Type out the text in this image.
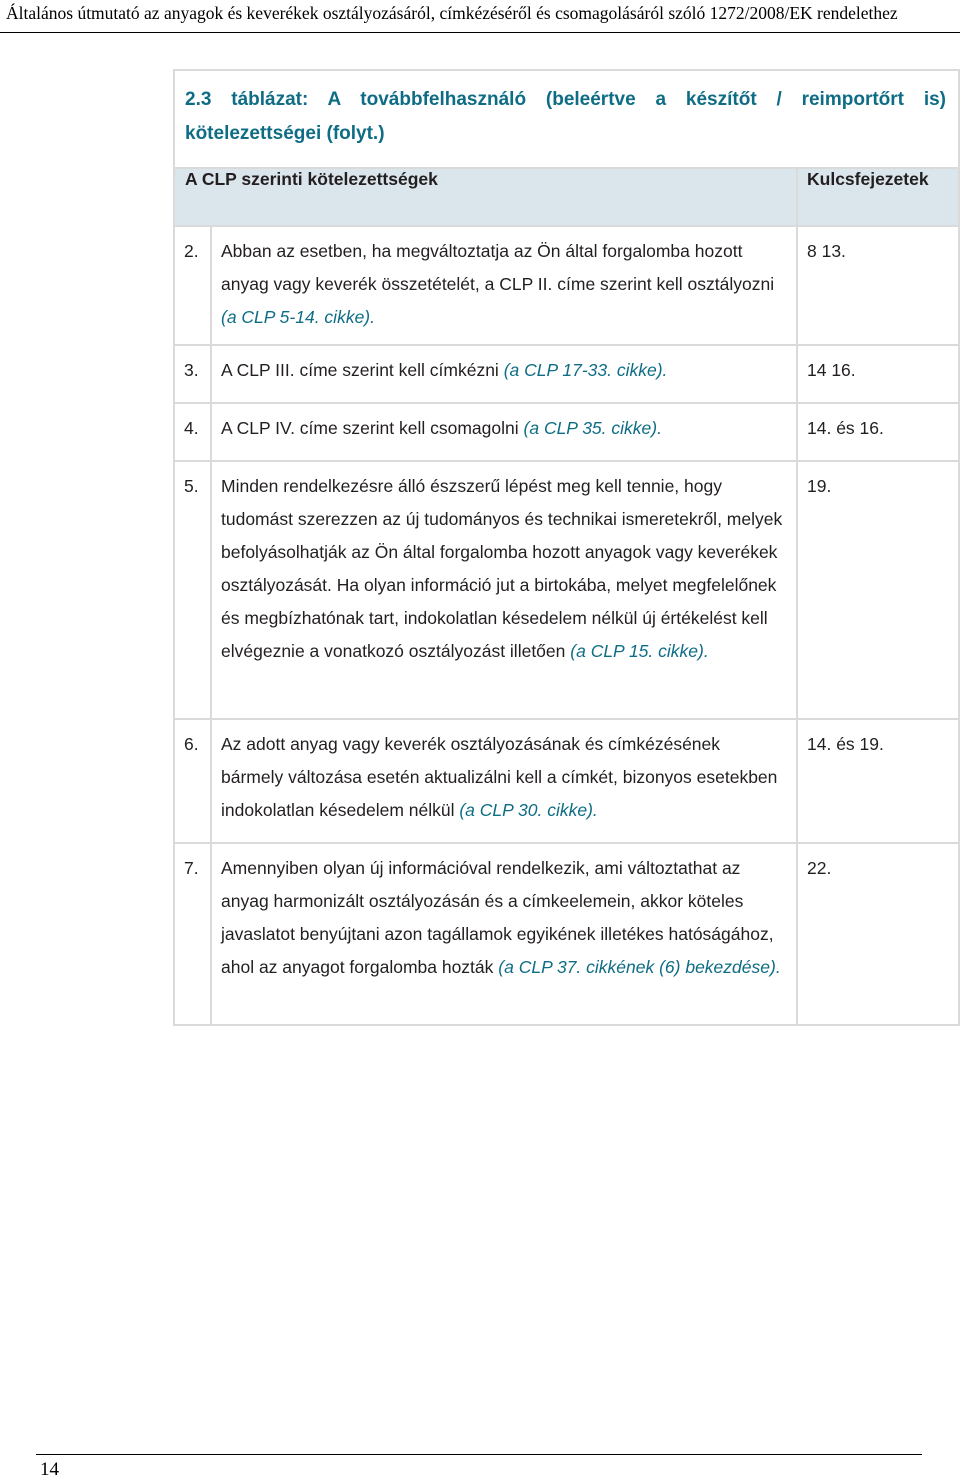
Általános útmutató az anyagok és keverékek osztályozásáról, címkézéséről és csomagolásáról szóló 1272/2008/EK rendelethez
2.3 táblázat: A továbbfelhasználó (beleértve a készítőt / reimportőrt is) kötelezettségei (folyt.)		

A CLP szerinti kötelezettségek		Kulcsfejezetek

2.	Abban az esetben, ha megváltoztatja az Ön által forgalomba hozott anyag vagy keverék összetételét, a CLP II. címe szerint kell osztályozni (a CLP 5-14. cikke).	8 13.

3.	A CLP III. címe szerint kell címkézni (a CLP 17-33. cikke).	14 16.

4.	A CLP IV. címe szerint kell csomagolni (a CLP 35. cikke).	14. és 16.

5.	Minden rendelkezésre álló észszerű lépést meg kell tennie, hogy tudomást szerezzen az új tudományos és technikai ismeretekről, melyek befolyásolhatják az Ön által forgalomba hozott anyagok vagy keverékek osztályozását. Ha olyan információ jut a birtokába, melyet megfelelőnek és megbízhatónak tart, indokolatlan késedelem nélkül új értékelést kell elvégeznie a vonatkozó osztályozást illetően (a CLP 15. cikke).	19.

6.	Az adott anyag vagy keverék osztályozásának és címkézésének bármely változása esetén aktualizálni kell a címkét, bizonyos esetekben indokolatlan késedelem nélkül (a CLP 30. cikke).	14. és 19.

7.	Amennyiben olyan új információval rendelkezik, ami változtathat az anyag harmonizált osztályozásán és a címkeelemein, akkor köteles javaslatot benyújtani azon tagállamok egyikének illetékes hatóságához, ahol az anyagot forgalomba hozták (a CLP 37. cikkének (6) bekezdése).	22.
14
